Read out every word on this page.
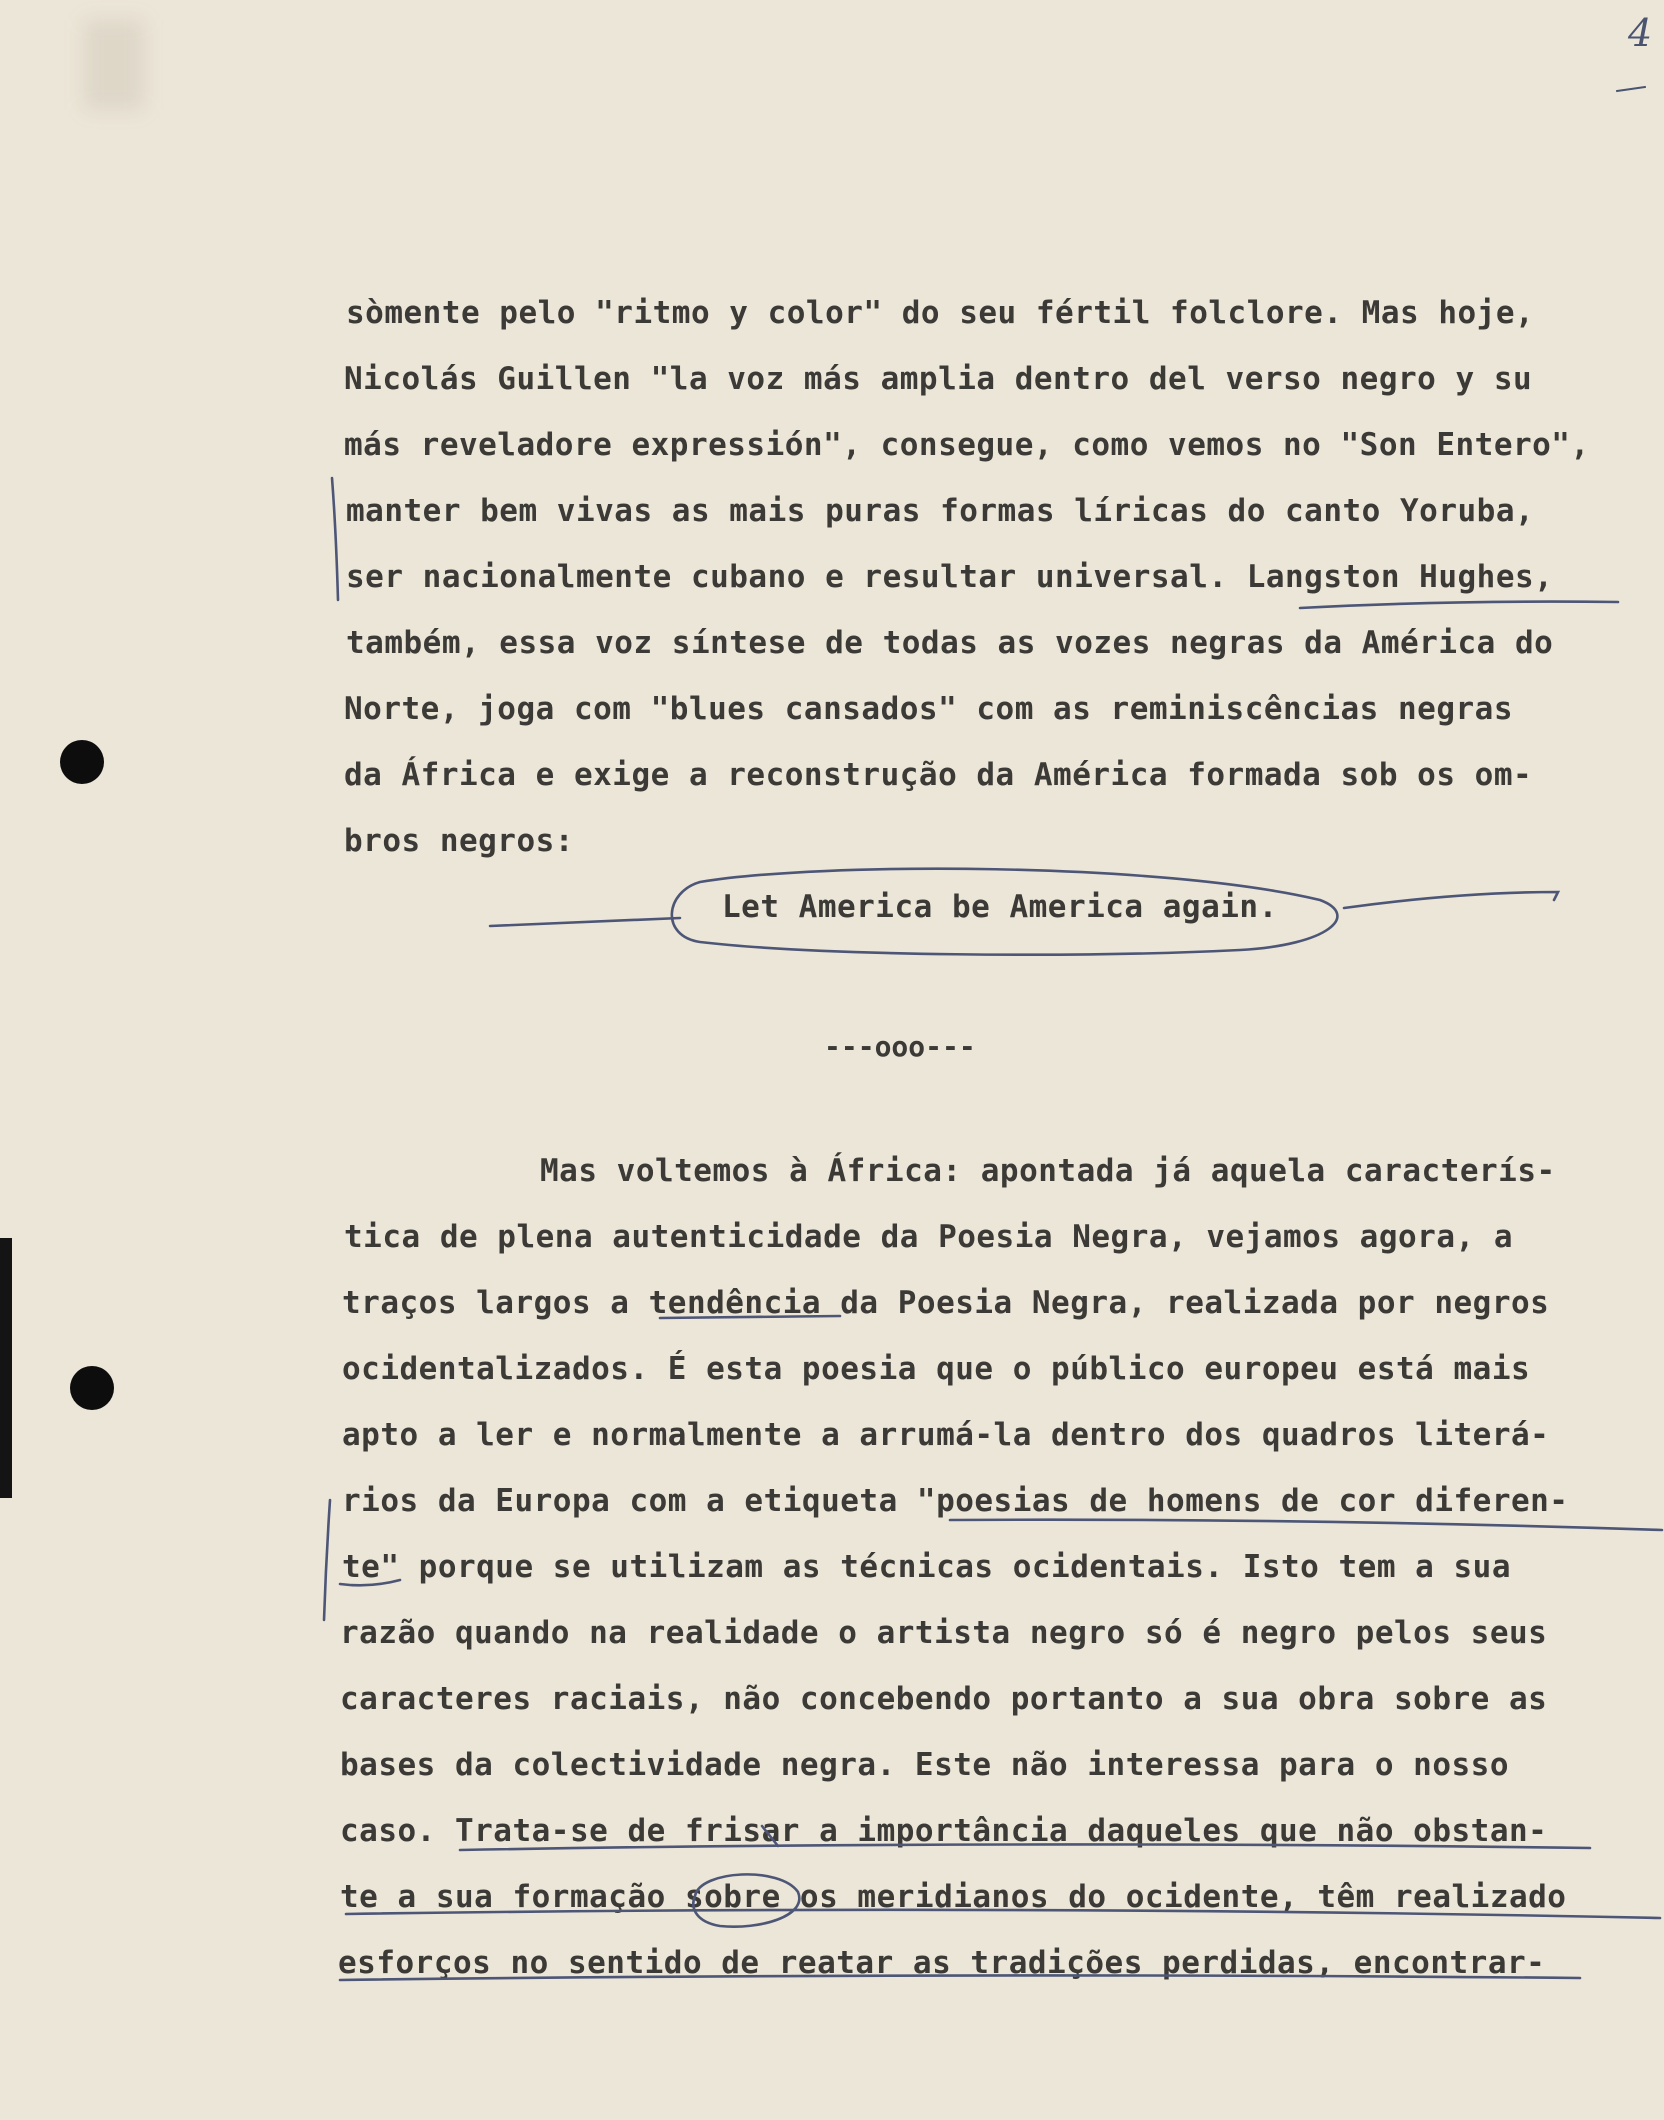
4
sòmente pelo "ritmo y color" do seu fértil folclore. Mas hoje,
Nicolás Guillen "la voz más amplia dentro del verso negro y su
más reveladore expressión", consegue, como vemos no "Son Entero",
manter bem vivas as mais puras formas líricas do canto Yoruba,
ser nacionalmente cubano e resultar universal. Langston Hughes,
também, essa voz síntese de todas as vozes negras da América do
Norte, joga com "blues cansados" com as reminiscências negras
da África e exige a reconstrução da América formada sob os om-
bros negros:
Let America be America again.
---ooo---
Mas voltemos à África: apontada já aquela caracterís-
tica de plena autenticidade da Poesia Negra, vejamos agora, a
traços largos a tendência da Poesia Negra, realizada por negros
ocidentalizados. É esta poesia que o público europeu está mais
apto a ler e normalmente a arrumá-la dentro dos quadros literá-
rios da Europa com a etiqueta "poesias de homens de cor diferen-
te" porque se utilizam as técnicas ocidentais. Isto tem a sua
razão quando na realidade o artista negro só é negro pelos seus
caracteres raciais, não concebendo portanto a sua obra sobre as
bases da colectividade negra. Este não interessa para o nosso
caso. Trata-se de frisar a importância daqueles que não obstan-
te a sua formação sobre os meridianos do ocidente, têm realizado
esforços no sentido de reatar as tradições perdidas, encontrar-
